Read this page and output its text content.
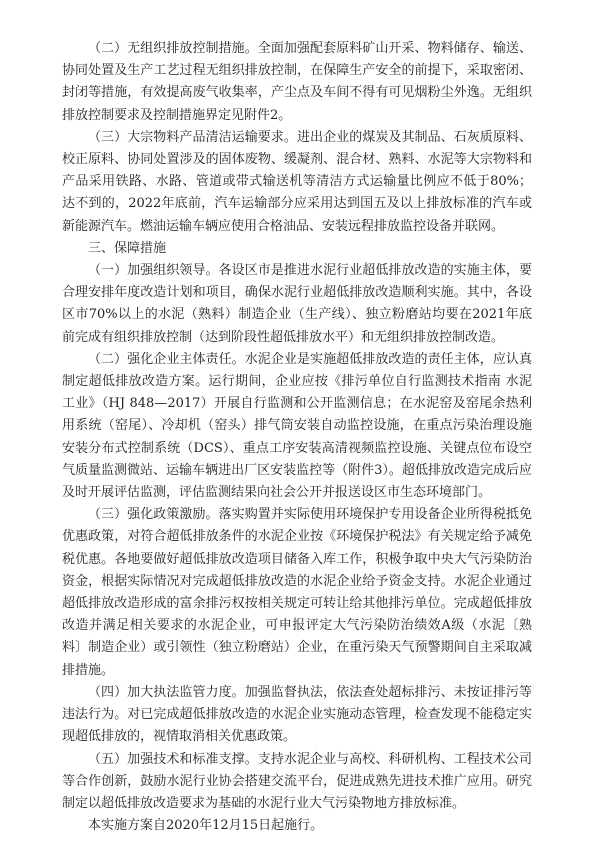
（二）无组织排放控制措施。全面加强配套原料矿山开采、物料储存、输送、协同处置及生产工艺过程无组织排放控制，在保障生产安全的前提下，采取密闭、封闭等措施，有效提高废气收集率，产尘点及车间不得有可见烟粉尘外逸。无组织排放控制要求及控制措施界定见附件2。

（三）大宗物料产品清洁运输要求。进出企业的煤炭及其制品、石灰质原料、校正原料、协同处置涉及的固体废物、缓凝剂、混合材、熟料、水泥等大宗物料和产品采用铁路、水路、管道或带式输送机等清洁方式运输量比例应不低于80%；达不到的，2022年底前，汽车运输部分应采用达到国五及以上排放标准的汽车或新能源汽车。燃油运输车辆应使用合格油品、安装远程排放监控设备并联网。

三、保障措施

（一）加强组织领导。各设区市是推进水泥行业超低排放改造的实施主体，要合理安排年度改造计划和项目，确保水泥行业超低排放改造顺利实施。其中，各设区市70%以上的水泥（熟料）制造企业（生产线）、独立粉磨站均要在2021年底前完成有组织排放控制（达到阶段性超低排放水平）和无组织排放控制改造。

（二）强化企业主体责任。水泥企业是实施超低排放改造的责任主体，应认真制定超低排放改造方案。运行期间，企业应按《排污单位自行监测技术指南 水泥工业》（HJ 848—2017）开展自行监测和公开监测信息；在水泥窑及窑尾余热利用系统（窑尾）、冷却机（窑头）排气筒安装自动监控设施，在重点污染治理设施安装分布式控制系统（DCS）、重点工序安装高清视频监控设施、关键点位布设空气质量监测微站、运输车辆进出厂区安装监控等（附件3）。超低排放改造完成后应及时开展评估监测，评估监测结果向社会公开并报送设区市生态环境部门。

（三）强化政策激励。落实购置并实际使用环境保护专用设备企业所得税抵免优惠政策，对符合超低排放条件的水泥企业按《环境保护税法》有关规定给予减免税优惠。各地要做好超低排放改造项目储备入库工作，积极争取中央大气污染防治资金，根据实际情况对完成超低排放改造的水泥企业给予资金支持。水泥企业通过超低排放改造形成的富余排污权按相关规定可转让给其他排污单位。完成超低排放改造并满足相关要求的水泥企业，可申报评定大气污染防治绩效A级（水泥〔熟料〕制造企业）或引领性（独立粉磨站）企业，在重污染天气预警期间自主采取减排措施。

（四）加大执法监管力度。加强监督执法，依法查处超标排污、未按证排污等违法行为。对已完成超低排放改造的水泥企业实施动态管理，检查发现不能稳定实现超低排放的，视情取消相关优惠政策。

（五）加强技术和标准支撑。支持水泥企业与高校、科研机构、工程技术公司等合作创新，鼓励水泥行业协会搭建交流平台，促进成熟先进技术推广应用。研究制定以超低排放改造要求为基础的水泥行业大气污染物地方排放标准。

本实施方案自2020年12月15日起施行。
